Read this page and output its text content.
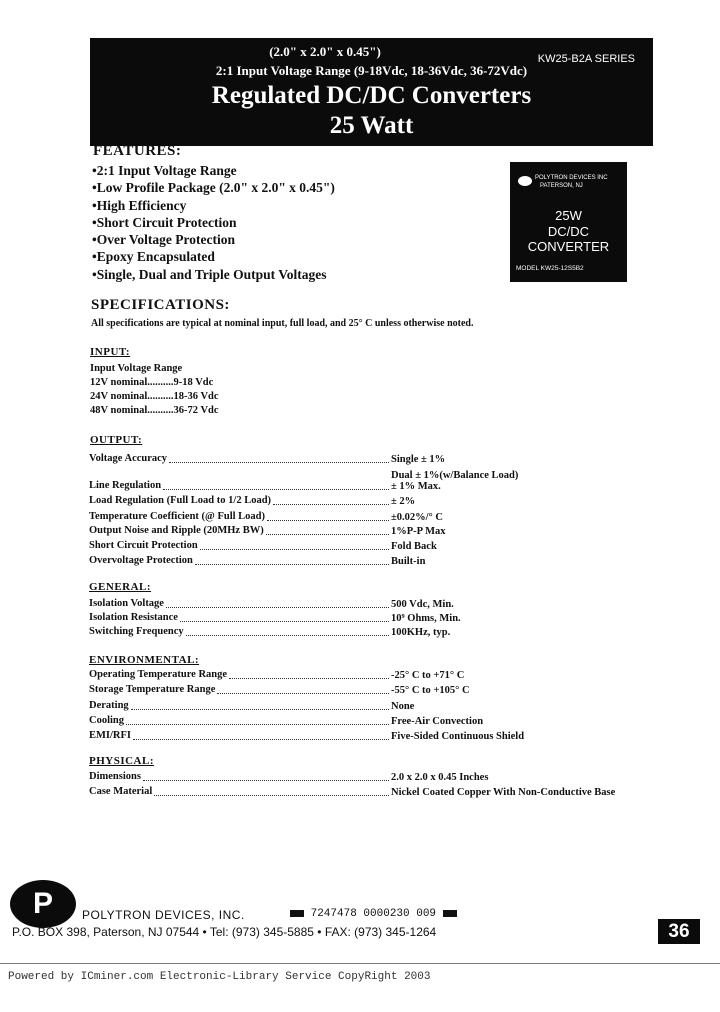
(2.0" x 2.0" x 0.45")	KW25-B2A SERIES
2:1 Input Voltage Range (9-18Vdc, 18-36Vdc, 36-72Vdc)
Regulated DC/DC Converters
25 Watt
FEATURES:
•2:1 Input Voltage Range
•Low Profile Package (2.0" x 2.0" x 0.45")
•High Efficiency
•Short Circuit Protection
•Over Voltage Protection
•Epoxy Encapsulated
•Single, Dual and Triple Output Voltages
POLYTRON DEVICES INC
PATERSON, NJ
25W
DC/DC
CONVERTER
MODEL KW25-12S5B2
SPECIFICATIONS:
All specifications are typical at nominal input, full load, and 25° C unless otherwise noted.
INPUT:
Input Voltage Range
12V nominal..........9-18 Vdc
24V nominal..........18-36 Vdc
48V nominal..........36-72 Vdc
OUTPUT:
Voltage Accuracy	Single ± 1%
Dual ± 1%(w/Balance Load)
Line Regulation	± 1% Max.
Load Regulation (Full Load to 1/2 Load)	± 2%
Temperature Coefficient (@ Full Load)	±0.02%/° C
Output Noise and Ripple (20MHz BW)	1%P-P Max
Short Circuit Protection	Fold Back
Overvoltage Protection	Built-in
GENERAL:
Isolation Voltage	500 Vdc, Min.
Isolation Resistance	10⁹ Ohms, Min.
Switching Frequency	100KHz, typ.
ENVIRONMENTAL:
Operating Temperature Range	-25° C to +71° C
Storage Temperature Range	-55° C to +105° C
Derating	None
Cooling	Free-Air Convection
EMI/RFI	Five-Sided Continuous Shield
PHYSICAL:
Dimensions	2.0 x 2.0 x 0.45 Inches
Case Material	Nickel Coated Copper With Non-Conductive Base
P	POLYTRON DEVICES, INC.	7247478 0000230 009
P.O. BOX 398, Paterson, NJ 07544 • Tel: (973) 345-5885 • FAX: (973) 345-1264	36
Powered by ICminer.com Electronic-Library Service CopyRight 2003
